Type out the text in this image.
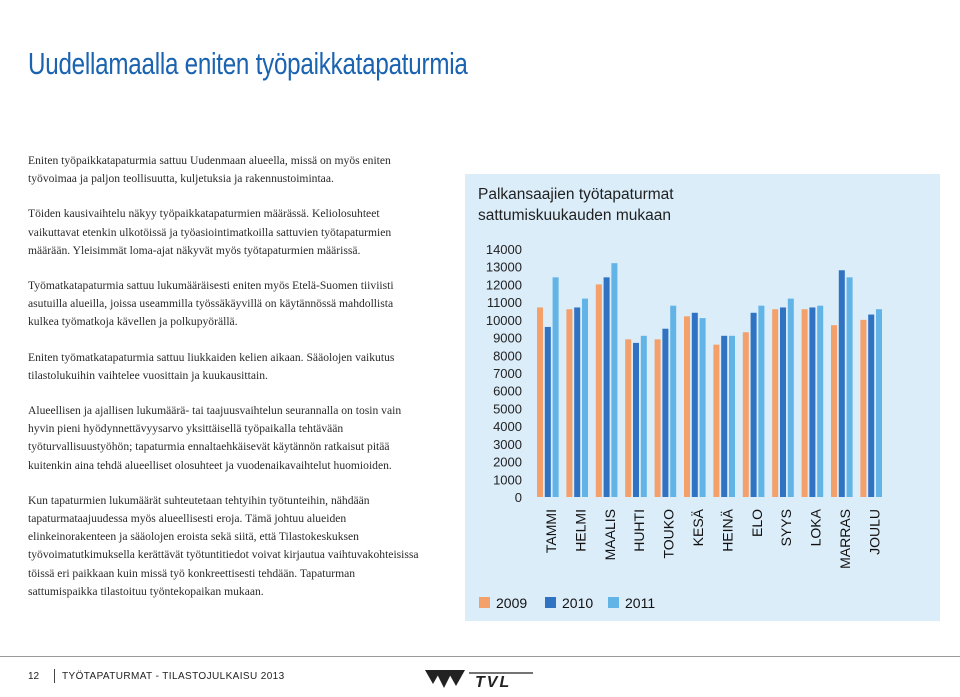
Uudellamaalla eniten työpaikkatapaturmia

Eniten työpaikkatapaturmia sattuu Uudenmaan alueella, missä on myös eniten työvoimaa ja paljon teollisuutta, kuljetuksia ja rakennustoimintaa.

Töiden kausivaihtelu näkyy työpaikkatapaturmien määrässä. Keliolosuhteet vaikuttavat etenkin ulkotöissä ja työasiointimatkoilla sattuvien työtapaturmien määrään. Yleisimmät loma-ajat näkyvät myös työtapaturmien määrissä.

Työmatkatapaturmia sattuu lukumääräisesti eniten myös Etelä-Suomen tiiviisti asutuilla alueilla, joissa useammilla työssäkäyvillä on käytännössä mahdollista kulkea työmatkoja kävellen ja polkupyörällä.

Eniten työmatkatapaturmia sattuu liukkaiden kelien aikaan. Sääolojen vaikutus tilastolukuihin vaihtelee vuosittain ja kuukausittain.

Alueellisen ja ajallisen lukumäärä- tai taajuusvaihtelun seurannalla on tosin vain hyvin pieni hyödynnettävyysarvo yksittäisellä työpaikalla tehtävään työturvallisuustyöhön; tapaturmia ennaltaehkäisevät käytännön ratkaisut pitää kuitenkin aina tehdä alueelliset olosuhteet ja vuodenaikavaihtelut huomioiden.

Kun tapaturmien lukumäärät suhteutetaan tehtyihin työtunteihin, nähdään tapaturmataajuudessa myös alueellisesti eroja. Tämä johtuu alueiden elinkeinorakenteen ja sääolojen eroista sekä siitä, että Tilastokeskuksen työvoimatutkimuksella kerättävät työtuntitiedot voivat kirjautua vaihtuvakohteisissa töissä eri paikkaan kuin missä työ konkreettisesti tehdään. Tapaturman sattumispaikka tilastoituu työntekopaikan mukaan.

Palkansaajien työtapaturmat
sattumiskuukauden mukaan
14000
13000
12000
11000
10000
9000
8000
7000
6000
5000
4000
3000
2000
1000
0
TAMMI HELMI MAALIS HUHTI TOUKO KESÄ HEINÄ ELO SYYS LOKA MARRAS JOULU
2009 2010 2011
12 TYÖTAPATURMAT - TILASTOJULKAISU 2013	TVL
